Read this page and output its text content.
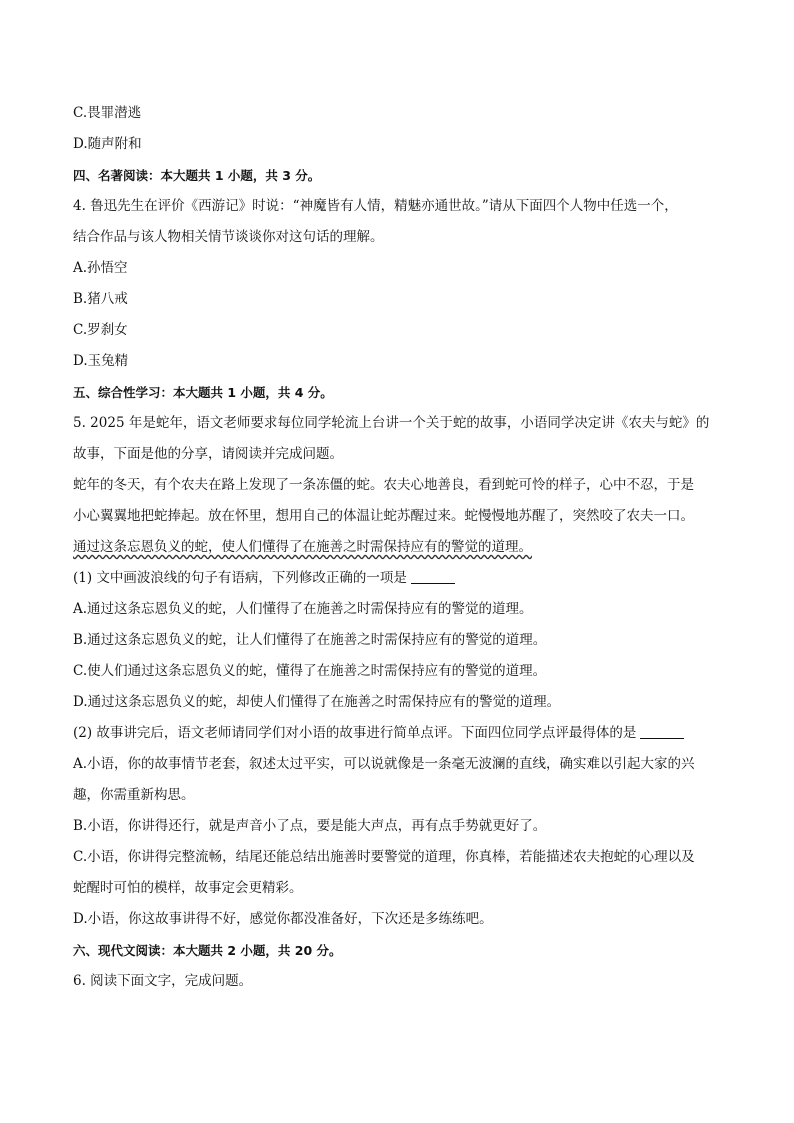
C.畏罪潜逃
D.随声附和
四、名著阅读：本大题共 1 小题，共 3 分。
4. 鲁迅先生在评价《西游记》时说：“神魔皆有人情，精魅亦通世故。”请从下面四个人物中任选一个，
结合作品与该人物相关情节谈谈你对这句话的理解。
A.孙悟空
B.猪八戒
C.罗刹女
D.玉兔精
五、综合性学习：本大题共 1 小题，共 4 分。
5. 2025 年是蛇年，语文老师要求每位同学轮流上台讲一个关于蛇的故事，小语同学决定讲《农夫与蛇》的
故事，下面是他的分享，请阅读并完成问题。
蛇年的冬天，有个农夫在路上发现了一条冻僵的蛇。农夫心地善良，看到蛇可怜的样子，心中不忍，于是
小心翼翼地把蛇捧起。放在怀里，想用自己的体温让蛇苏醒过来。蛇慢慢地苏醒了，突然咬了农夫一口。
通过这条忘恩负义的蛇，使人们懂得了在施善之时需保持应有的警觉的道理。
(1) 文中画波浪线的句子有语病，下列修改正确的一项是
A.通过这条忘恩负义的蛇，人们懂得了在施善之时需保持应有的警觉的道理。
B.通过这条忘恩负义的蛇，让人们懂得了在施善之时需保持应有的警觉的道理。
C.使人们通过这条忘恩负义的蛇，懂得了在施善之时需保持应有的警觉的道理。
D.通过这条忘恩负义的蛇，却使人们懂得了在施善之时需保持应有的警觉的道理。
(2) 故事讲完后，语文老师请同学们对小语的故事进行简单点评。下面四位同学点评最得体的是
A.小语，你的故事情节老套，叙述太过平实，可以说就像是一条毫无波澜的直线，确实难以引起大家的兴
趣，你需重新构思。
B.小语，你讲得还行，就是声音小了点，要是能大声点，再有点手势就更好了。
C.小语，你讲得完整流畅，结尾还能总结出施善时要警觉的道理，你真棒，若能描述农夫抱蛇的心理以及
蛇醒时可怕的模样，故事定会更精彩。
D.小语，你这故事讲得不好，感觉你都没准备好，下次还是多练练吧。
六、现代文阅读：本大题共 2 小题，共 20 分。
6. 阅读下面文字，完成问题。
